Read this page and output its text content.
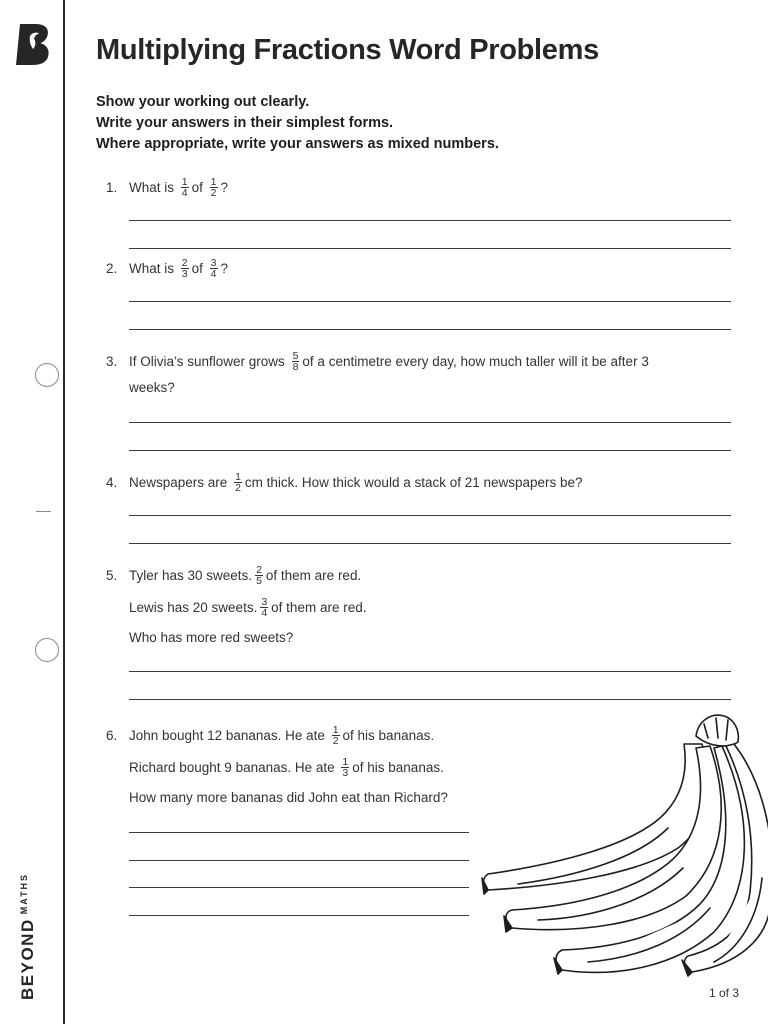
$BEYOND^{MATHS}$
Multiplying Fractions Word Problems
Show your working out clearly.
Write your answers in their simplest forms.
Where appropriate, write your answers as mixed numbers.
1. What is $\frac{1}{4}$ of $\frac{1}{2}$ ?
2. What is $\frac{2}{3}$ of $\frac{3}{4}$ ?
3. If Olivia’s sunflower grows $\frac{5}{8}$ of a centimetre every day, how much taller will it be after 3
weeks?
4. Newspapers are $\frac{1}{2}$ cm thick. How thick would a stack of 21 newspapers be?
5. Tyler has 30 sweets. $\frac{2}{5}$ of them are red.
Lewis has 20 sweets. $\frac{3}{4}$ of them are red.
Who has more red sweets?
6. John bought 12 bananas. He ate $\frac{1}{2}$ of his bananas.
Richard bought 9 bananas. He ate $\frac{1}{3}$ of his bananas.
How many more bananas did John eat than Richard?
1 of 3
